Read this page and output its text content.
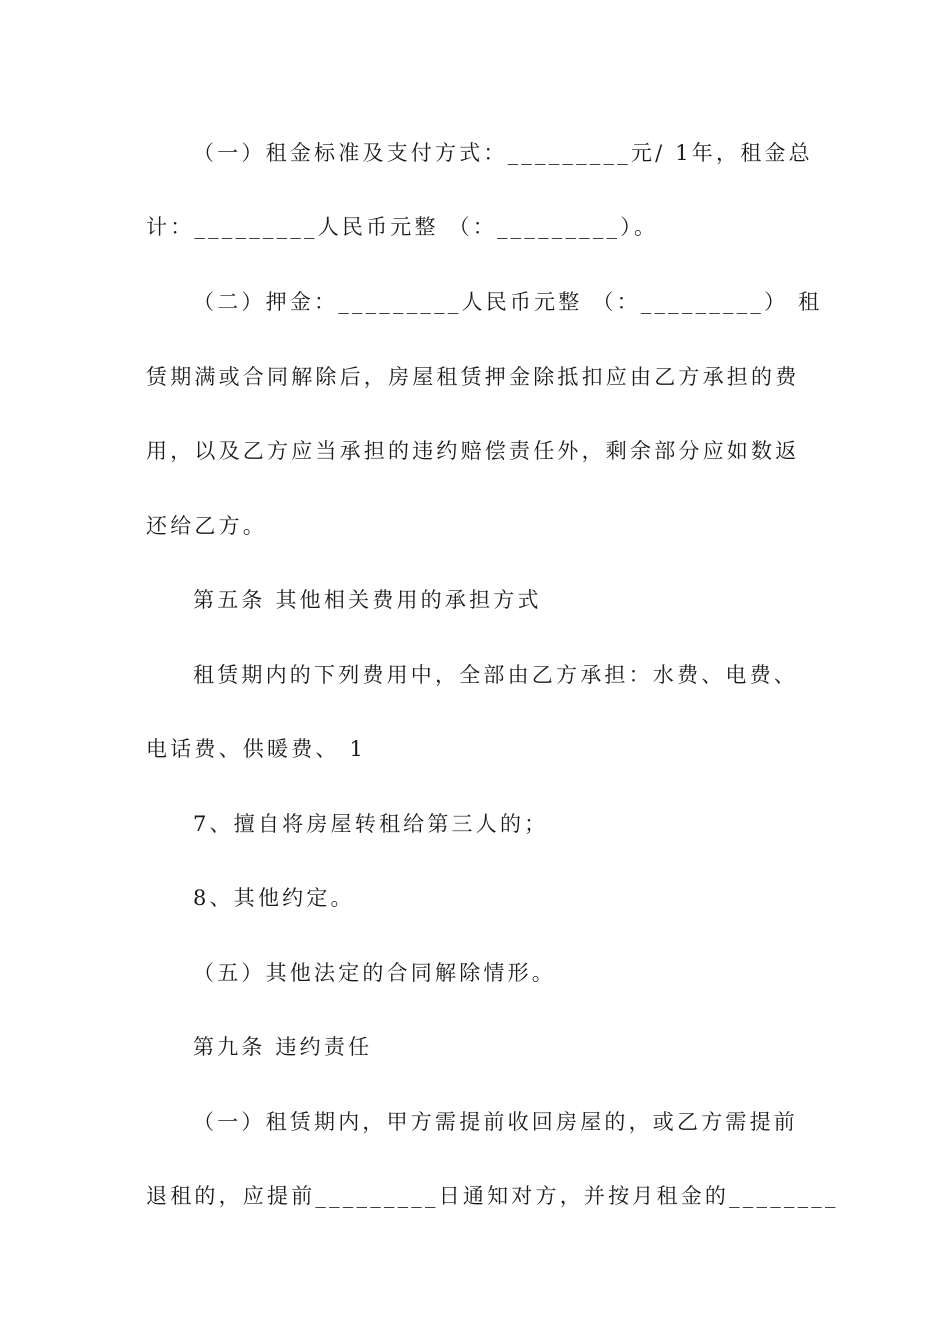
（一）租金标准及支付方式：_________元/ 1年，租金总
计：_________人民币元整 （：_________）。
（二）押金：_________人民币元整 （：_________） 租
赁期满或合同解除后，房屋租赁押金除抵扣应由乙方承担的费
用，以及乙方应当承担的违约赔偿责任外，剩余部分应如数返
还给乙方。
第五条 其他相关费用的承担方式
租赁期内的下列费用中，全部由乙方承担：水费、电费、
电话费、供暖费、 1
7、擅自将房屋转租给第三人的；
8、其他约定。
（五）其他法定的合同解除情形。
第九条 违约责任
（一）租赁期内，甲方需提前收回房屋的，或乙方需提前
退租的，应提前_________日通知对方，并按月租金的________
